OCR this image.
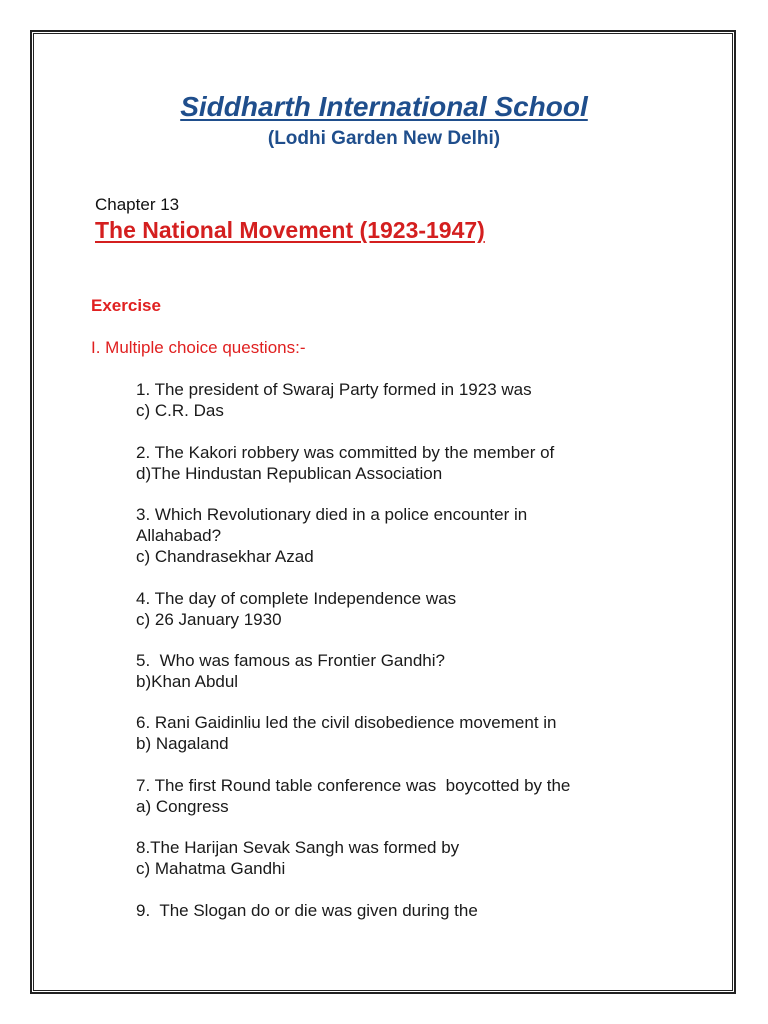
Siddharth International School
(Lodhi Garden New Delhi)
Chapter 13
The National Movement (1923-1947)
Exercise
I. Multiple choice questions:-
1. The president of Swaraj Party formed in 1923 was
c) C.R. Das
2. The Kakori robbery was committed by the member of
d)The Hindustan Republican Association
3. Which Revolutionary died in a police encounter in
Allahabad?
c) Chandrasekhar Azad
4. The day of complete Independence was
c) 26 January 1930
5.  Who was famous as Frontier Gandhi?
b)Khan Abdul
6. Rani Gaidinliu led the civil disobedience movement in
b) Nagaland
7. The first Round table conference was  boycotted by the
a) Congress
8.The Harijan Sevak Sangh was formed by
c) Mahatma Gandhi
9.  The Slogan do or die was given during the
